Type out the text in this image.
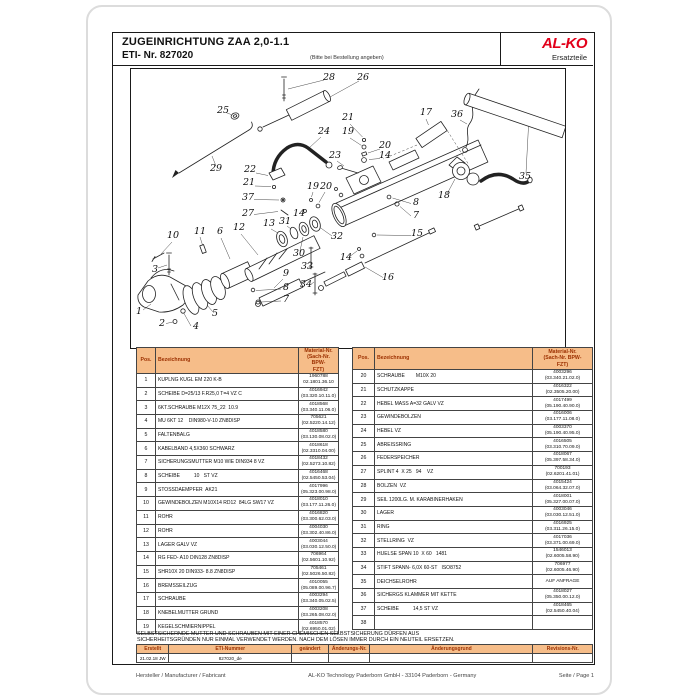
ZUGEINRICHTUNG ZAA 2,0-1.1
ETI- Nr. 827020	(Bitte bei Bestellung angeben)
AL-KO
Ersatzteile
25
28 26
29
24
23
21
19
20
14
17 36
35
18
22
21
37
27
19 20
14
13 31
30
32
33
34
10 11 6 12
3
1
2	4
5
9
8
7
8
7
15
14
16
Pos.	Bezeichnung	Material-Nr.
(Sach-Nr. BPW-
FZT)

1	KUPLNG KUGL EM 220 K-B	1960788
02.1801.36.10

2	SCHEIBE D=25/13 F.R25,0 T=4 VZ C	4016942
(03.320.10.11.0)

3	6KT.SCHRAUBE M12X 75_22  10.9	4018568
(03.340.11.06.0)

4	MU 6KT 12    DIN980-V-10 ZN8DISP	705621
(02.5220.14.12)

5	FALTENBALG	4018580
(03.130.08.02.0)

6	KABELBAND 4,5X360 SCHWARZ	4018618
(02.3310.04.00)

7	SICHERUNGSMUTTER M10 WIE DIN934 8 VZ	4018432
(02.5273.10.82)

8	SCHEIBE          10   ST VZ	4016468
(02.5450.53.04)

9	STOSSDAEMPFER  AK21	4017996
(05.323.00.98.0)

10	GEWINDEBOLZEN M10X14 RD12  84LG SW17 VZ	4018010
(03.177.11.26.0)

11	ROHR	4016820
(03.300.62.03.0)

12	ROHR	4004030
(03.302.40.86.0)

13	LAGER GALV VZ	4003044
(03.030.12.50.0)

14	RG FED- A10 DIN128 ZN8DISP	706964
(02.5601.10.92)

15	SHR10X 20 DIN933- 8.8 ZN8DISP	705461
(02.5026.50.82)

16	BREMSSEILZUG	4010055
(05.089.00.96.7)

17	SCHRAUBE	4003294
(03.340.05.02.5)

18	KNEBELMUTTER GRUND	4003208
(03.265.08.02.0)

19	KEGELSCHMIERNIPPEL	4018570
(02.6950.01.02)
Pos.	Bezeichnung	Material-Nr.
(Sach-Nr. BPW-
FZT)

20	SCHRAUBE        M10X 20	4003296
(03.340.21.02.0)

21	SCHUTZKAPPE	4016322
(02.3505.20.00)

22	HEBEL MASS A=32 GALV VZ	4017499
(05.190.40.90.0)

23	GEWINDEBOLZEN	4016006
(03.177.11.08.0)

24	HEBEL VZ	4003370
(05.190.40.95.0)

25	ABREISSRING	4016505
(03.310.70.09.0)

26	FEDERSPEICHER	4018067
(05.397.58.34.0)

27	SPLINT 4  X 25   94    VZ	700193
(02.6201.41.01)

28	BOLZEN  VZ	4015424
(03.064.32.07.0)

29	SEIL 1200LG. M. KARABINERHAKEN	4018001
(05.327.00.07.0)

30	LAGER	4003046
(03.030.12.51.0)

31	RING	4016925
(03.311.26.15.0)

32	STELLRING  VZ	4017036
(03.371.00.69.0)

33	HUELSE SPAN 10  X 60   1481	1546013
(02.6005.58.90)

34	STIFT SPANN- 6,0X 60-ST   ISO8752	706977
(02.6005.46.90)

35	DEICHSELROHR	AUF ANFRAGE

36	SICHERGS KLAMMER MIT KETTE	4018027
(05.350.00.12.0)

37	SCHEIBE          14,5 ST VZ	4018465
(02.5450.40.04)

38		
SELBSTSICHERNDE MUTTER UND SCHRAUBEN MIT EINER CHEMISCHEN SELBSTSICHERUNG DÜRFEN AUS
SICHERHEITSGRÜNDEN NUR EINMAL VERWENDET WERDEN. NACH DEM LÖSEN IMMER DURCH EIN NEUTEIL ERSETZEN.
Erstellt	ETI-Nummer	geändert	Änderungs-Nr.	Änderungsgrund	Revisions-Nr.
21.02.18 JW	827020_de				
Hersteller / Manufacturer / Fabricant	AL-KO Technology Paderborn GmbH - 33104 Paderborn - Germany	Seite / Page 1
